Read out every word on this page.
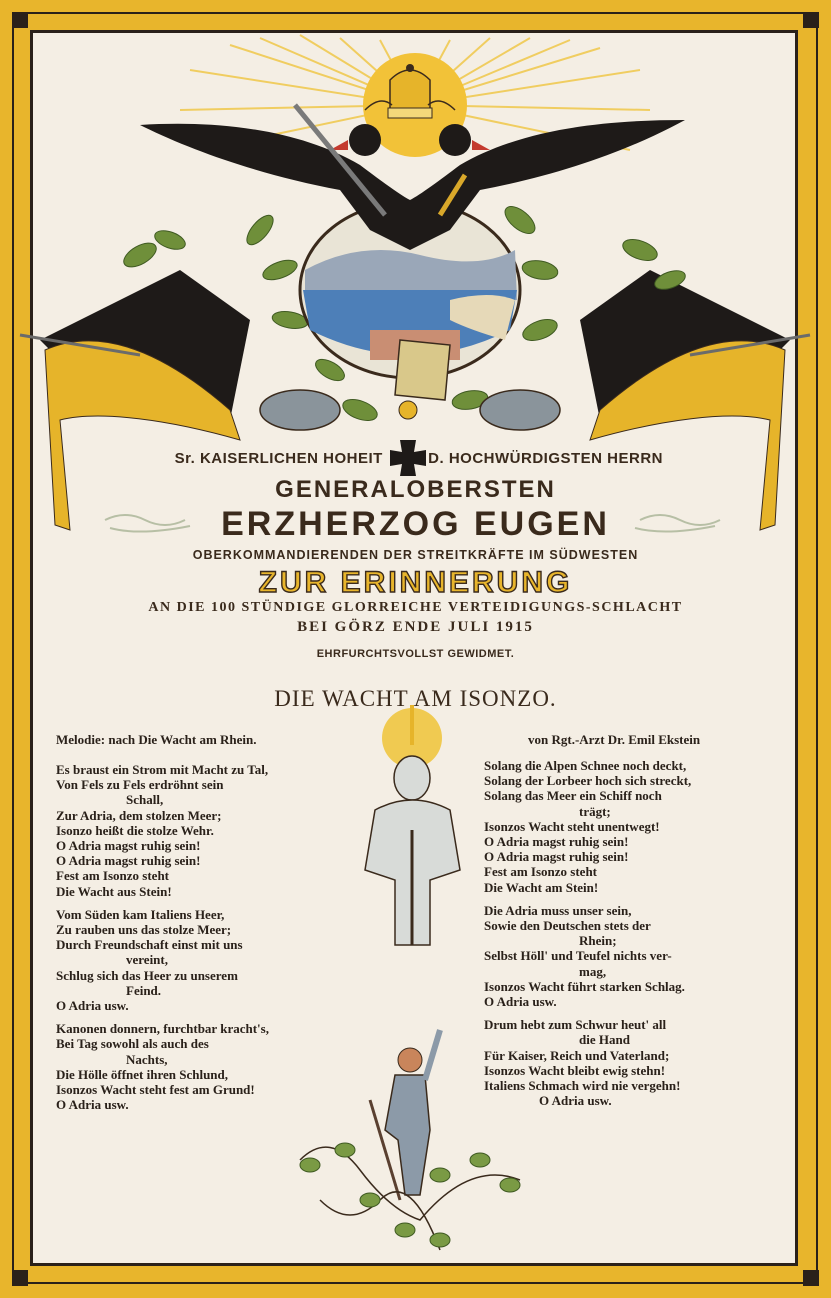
Sr. KAISERLICHEN HOHEIT	D. HOCHWÜRDIGSTEN HERRN
GENERALOBERSTEN
ERZHERZOG EUGEN
OBERKOMMANDIERENDEN DER STREITKRÄFTE IM SÜDWESTEN
ZUR ERINNERUNG
AN DIE 100 STÜNDIGE GLORREICHE VERTEIDIGUNGS-SCHLACHT
BEI GÖRZ ENDE JULI 1915
EHRFURCHTSVOLLST GEWIDMET.
DIE WACHT AM ISONZO.
Melodie: nach Die Wacht am Rhein.	von Rgt.-Arzt Dr. Emil Ekstein
Es braust ein Strom mit Macht zu Tal,
Von Fels zu Fels erdröhnt sein
Schall,
Zur Adria, dem stolzen Meer;
Isonzo heißt die stolze Wehr.
O Adria magst ruhig sein!
O Adria magst ruhig sein!
Fest am Isonzo steht
Die Wacht aus Stein!
Vom Süden kam Italiens Heer,
Zu rauben uns das stolze Meer;
Durch Freundschaft einst mit uns
vereint,
Schlug sich das Heer zu unserem
Feind.
O Adria usw.
Kanonen donnern, furchtbar kracht's,
Bei Tag sowohl als auch des
Nachts,
Die Hölle öffnet ihren Schlund,
Isonzos Wacht steht fest am Grund!
O Adria usw.
Solang die Alpen Schnee noch deckt,
Solang der Lorbeer hoch sich streckt,
Solang das Meer ein Schiff noch
trägt;
Isonzos Wacht steht unentwegt!
O Adria magst ruhig sein!
O Adria magst ruhig sein!
Fest am Isonzo steht
Die Wacht am Stein!
Die Adria muss unser sein,
Sowie den Deutschen stets der
Rhein;
Selbst Höll' und Teufel nichts ver-
mag,
Isonzos Wacht führt starken Schlag.
O Adria usw.
Drum hebt zum Schwur heut' all
die Hand
Für Kaiser, Reich und Vaterland;
Isonzos Wacht bleibt ewig stehn!
Italiens Schmach wird nie vergehn!
O Adria usw.
